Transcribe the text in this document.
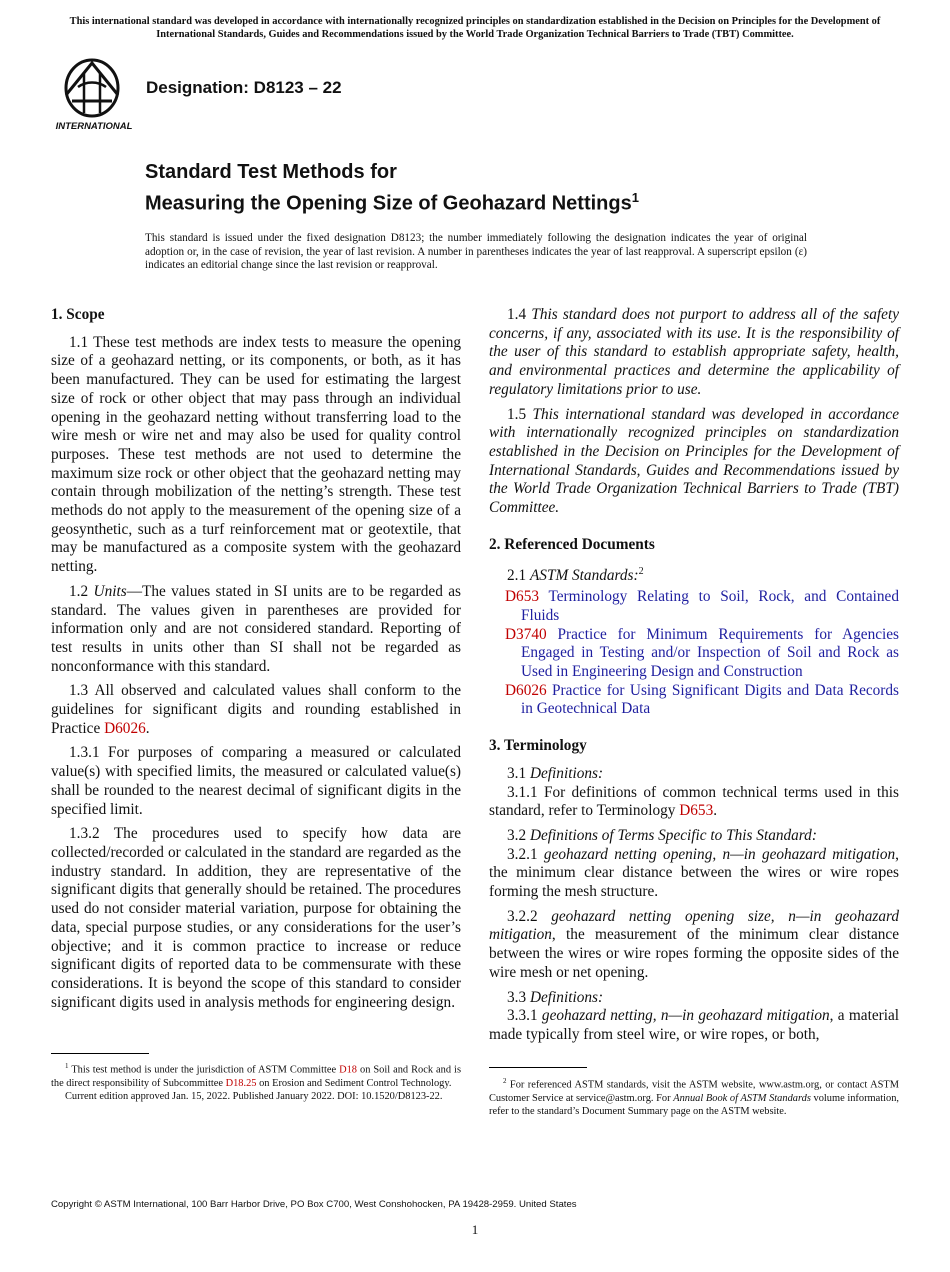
This international standard was developed in accordance with internationally recognized principles on standardization established in the Decision on Principles for the Development of International Standards, Guides and Recommendations issued by the World Trade Organization Technical Barriers to Trade (TBT) Committee.
INTERNATIONAL
Designation: D8123 – 22
Standard Test Methods for
Measuring the Opening Size of Geohazard Nettings$^1$
This standard is issued under the fixed designation D8123; the number immediately following the designation indicates the year of original adoption or, in the case of revision, the year of last revision. A number in parentheses indicates the year of last reapproval. A superscript epsilon (ε) indicates an editorial change since the last revision or reapproval.
1. Scope

1.1 These test methods are index tests to measure the opening size of a geohazard netting, or its components, or both, as it has been manufactured. They can be used for estimating the largest size of rock or other object that may pass through an individual opening in the geohazard netting without transferring load to the wire mesh or wire net and may also be used for quality control purposes. These test methods are not used to determine the maximum size rock or other object that the geohazard netting may contain through mobilization of the netting’s strength. These test methods do not apply to the measurement of the opening size of a geosynthetic, such as a turf reinforcement mat or geotextile, that may be manufactured as a composite system with the geohazard netting.

1.2 Units—The values stated in SI units are to be regarded as standard. The values given in parentheses are provided for information only and are not considered standard. Reporting of test results in units other than SI shall not be regarded as nonconformance with this standard.

1.3 All observed and calculated values shall conform to the guidelines for significant digits and rounding established in Practice D6026.

1.3.1 For purposes of comparing a measured or calculated value(s) with specified limits, the measured or calculated value(s) shall be rounded to the nearest decimal of significant digits in the specified limit.

1.3.2 The procedures used to specify how data are collected/recorded or calculated in the standard are regarded as the industry standard. In addition, they are representative of the significant digits that generally should be retained. The procedures used do not consider material variation, purpose for obtaining the data, special purpose studies, or any considerations for the user’s objective; and it is common practice to increase or reduce significant digits of reported data to be commensurate with these considerations. It is beyond the scope of this standard to consider significant digits used in analysis methods for engineering design.

1.4 This standard does not purport to address all of the safety concerns, if any, associated with its use. It is the responsibility of the user of this standard to establish appropriate safety, health, and environmental practices and determine the applicability of regulatory limitations prior to use.

1.5 This international standard was developed in accordance with internationally recognized principles on standardization established in the Decision on Principles for the Development of International Standards, Guides and Recommendations issued by the World Trade Organization Technical Barriers to Trade (TBT) Committee.

2. Referenced Documents

2.1 ASTM Standards:$^2$

D653 Terminology Relating to Soil, Rock, and Contained Fluids

D3740 Practice for Minimum Requirements for Agencies Engaged in Testing and/or Inspection of Soil and Rock as Used in Engineering Design and Construction

D6026 Practice for Using Significant Digits and Data Records in Geotechnical Data

3. Terminology

3.1 Definitions:

3.1.1 For definitions of common technical terms used in this standard, refer to Terminology D653.

3.2 Definitions of Terms Specific to This Standard:

3.2.1 geohazard netting opening, n—in geohazard mitigation, the minimum clear distance between the wires or wire ropes forming the mesh structure.

3.2.2 geohazard netting opening size, n—in geohazard mitigation, the measurement of the minimum clear distance between the wires or wire ropes forming the opposite sides of the wire mesh or net opening.

3.3 Definitions:

3.3.1 geohazard netting, n—in geohazard mitigation, a material made typically from steel wire, or wire ropes, or both,

$^1$ This test method is under the jurisdiction of ASTM Committee D18 on Soil and Rock and is the direct responsibility of Subcommittee D18.25 on Erosion and Sediment Control Technology.

Current edition approved Jan. 15, 2022. Published January 2022. DOI: 10.1520/D8123-22.

$^2$ For referenced ASTM standards, visit the ASTM website, www.astm.org, or contact ASTM Customer Service at service@astm.org. For Annual Book of ASTM Standards volume information, refer to the standard’s Document Summary page on the ASTM website.

Copyright © ASTM International, 100 Barr Harbor Drive, PO Box C700, West Conshohocken, PA 19428-2959. United States
1
